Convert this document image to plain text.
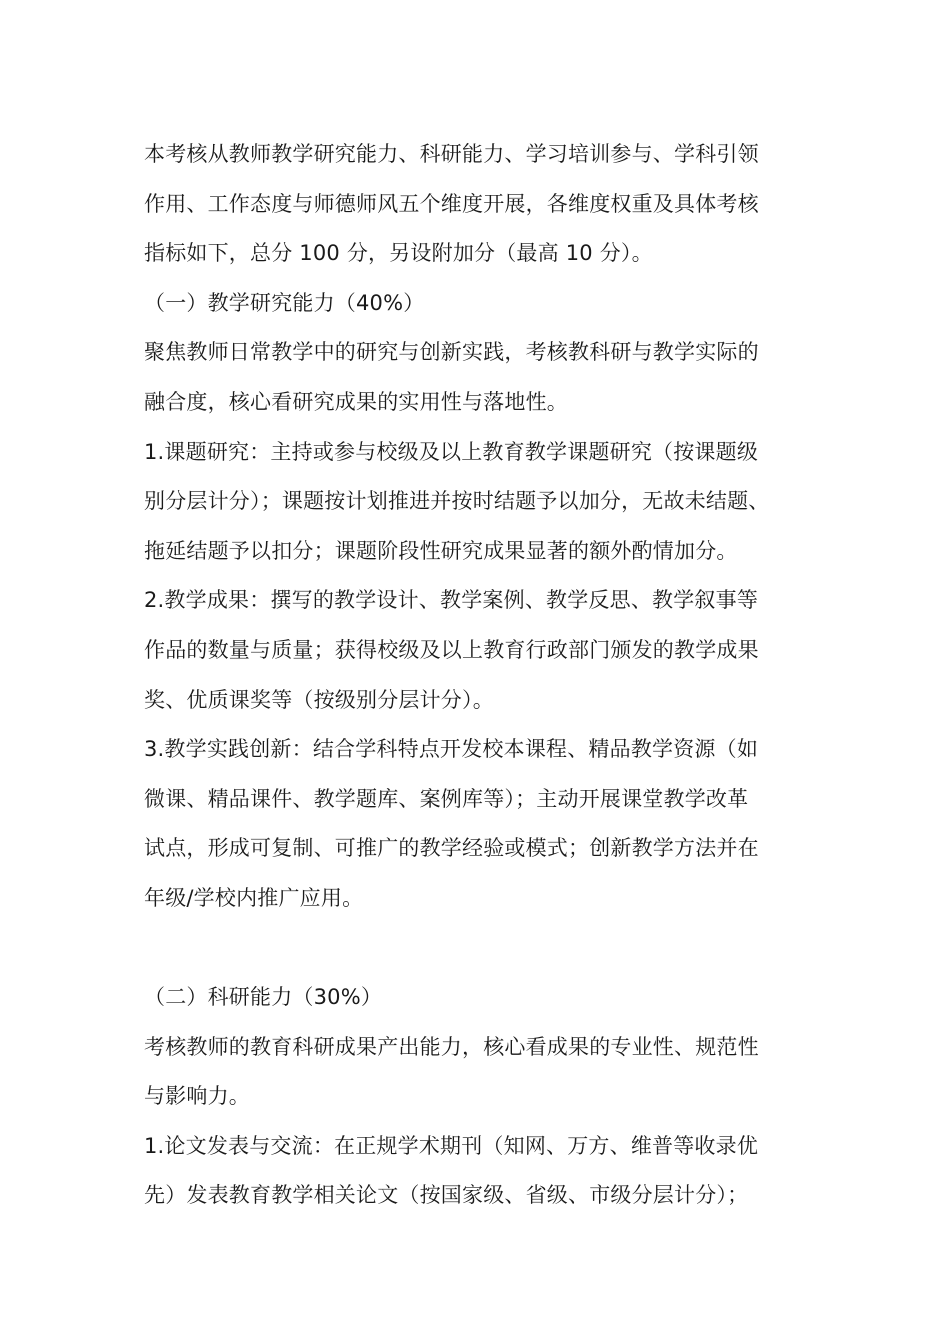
本考核从教师教学研究能力、科研能力、学习培训参与、学科引领
作用、工作态度与师德师风五个维度开展，各维度权重及具体考核
指标如下，总分 100 分，另设附加分（最高 10 分）。
（一）教学研究能力（40%）
聚焦教师日常教学中的研究与创新实践，考核教科研与教学实际的
融合度，核心看研究成果的实用性与落地性。
1.课题研究：主持或参与校级及以上教育教学课题研究（按课题级
别分层计分）；课题按计划推进并按时结题予以加分，无故未结题、
拖延结题予以扣分；课题阶段性研究成果显著的额外酌情加分。
2.教学成果：撰写的教学设计、教学案例、教学反思、教学叙事等
作品的数量与质量；获得校级及以上教育行政部门颁发的教学成果
奖、优质课奖等（按级别分层计分）。
3.教学实践创新：结合学科特点开发校本课程、精品教学资源（如
微课、精品课件、教学题库、案例库等）；主动开展课堂教学改革
试点，形成可复制、可推广的教学经验或模式；创新教学方法并在
年级/学校内推广应用。
（二）科研能力（30%）
考核教师的教育科研成果产出能力，核心看成果的专业性、规范性
与影响力。
1.论文发表与交流：在正规学术期刊（知网、万方、维普等收录优
先）发表教育教学相关论文（按国家级、省级、市级分层计分）；
